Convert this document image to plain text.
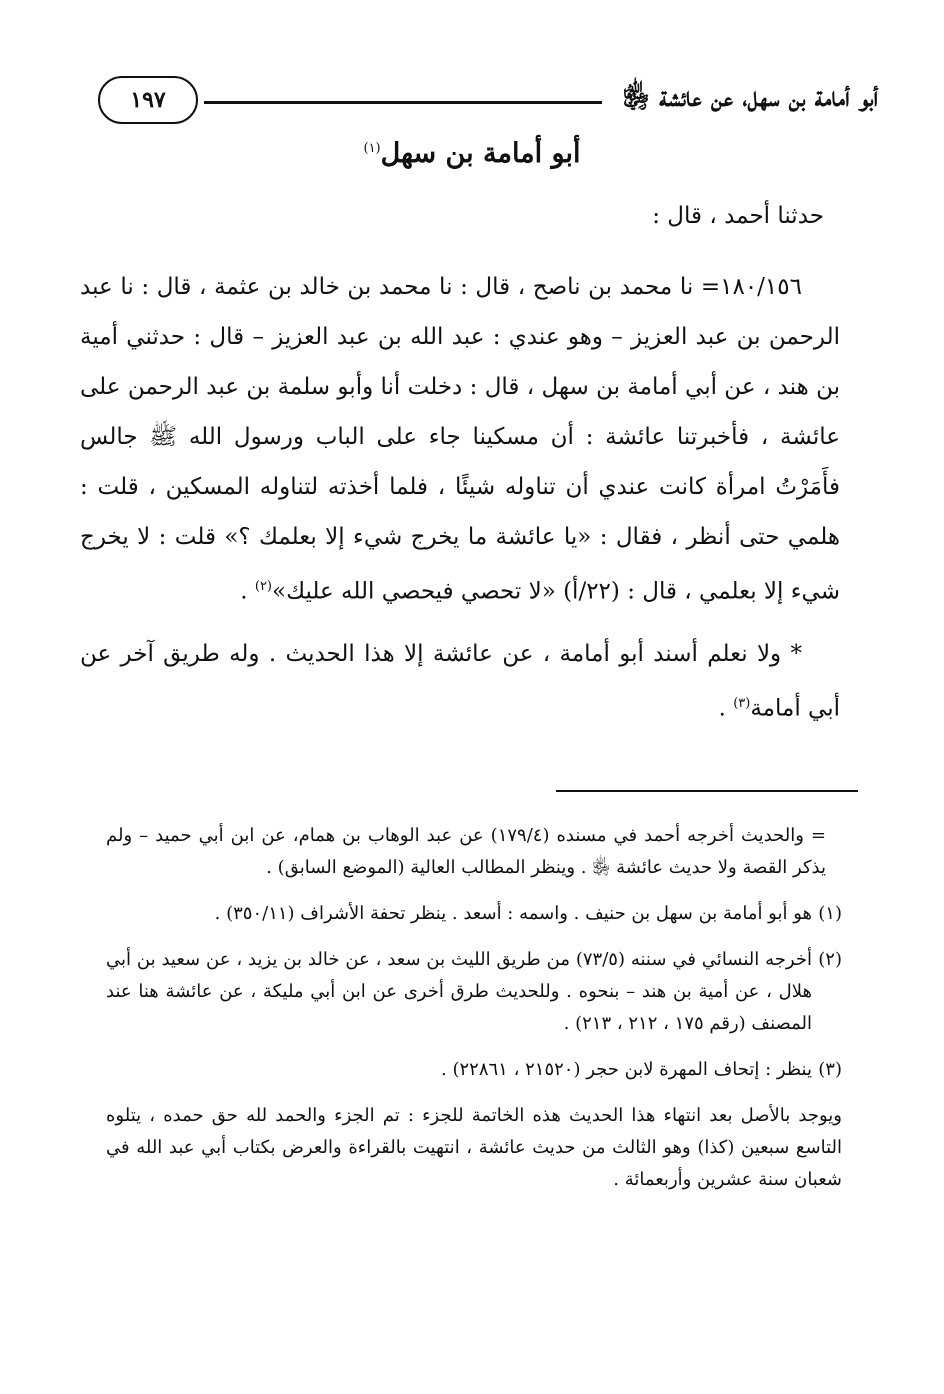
١٩٧	أبو أمامة بن سهل، عن عائشة ﵂
أبو أمامة بن سهل$^{(١)}$
حدثنا أحمد ، قال :

١٨٠/١٥٦= نا محمد بن ناصح ، قال : نا محمد بن خالد بن عثمة ، قال : نا عبد الرحمن بن عبد العزيز – وهو عندي : عبد الله بن عبد العزيز – قال : حدثني أمية بن هند ، عن أبي أمامة بن سهل ، قال : دخلت أنا وأبو سلمة بن عبد الرحمن على عائشة ، فأخبرتنا عائشة : أن مسكينا جاء على الباب ورسول الله ﷺ جالس فأَمَرْتُ امرأة كانت عندي أن تناوله شيئًا ، فلما أخذته لتناوله المسكين ، قلت : هلمي حتى أنظر ، فقال : «يا عائشة ما يخرج شيء إلا بعلمك ؟» قلت : لا يخرج شيء إلا بعلمي ، قال : (٢٢/أ) «لا تحصي فيحصي الله عليك»$^{(٢)}$ .

* ولا نعلم أسند أبو أمامة ، عن عائشة إلا هذا الحديث . وله طريق آخر عن أبي أمامة$^{(٣)}$ .

= والحديث أخرجه أحمد في مسنده (١٧٩/٤) عن عبد الوهاب بن همام، عن ابن أبي حميد – ولم يذكر القصة ولا حديث عائشة ﵂ . وينظر المطالب العالية (الموضع السابق) .

(١)
هو أبو أمامة بن سهل بن حنيف . واسمه : أسعد . ينظر تحفة الأشراف (٣٥٠/١١) .

(٢)
أخرجه النسائي في سننه (٧٣/٥) من طريق الليث بن سعد ، عن خالد بن يزيد ، عن سعيد بن أبي هلال ، عن أمية بن هند – بنحوه . وللحديث طرق أخرى عن ابن أبي مليكة ، عن عائشة هنا عند المصنف (رقم ١٧٥ ، ٢١٢ ، ٢١٣) .

(٣)
ينظر : إتحاف المهرة لابن حجر (٢١٥٢٠ ، ٢٢٨٦١) .

ويوجد بالأصل بعد انتهاء هذا الحديث هذه الخاتمة للجزء : تم الجزء والحمد لله حق حمده ، يتلوه التاسع سبعين (كذا) وهو الثالث من حديث عائشة ، انتهيت بالقراءة والعرض بكتاب أبي عبد الله في شعبان سنة عشرين وأربعمائة .
